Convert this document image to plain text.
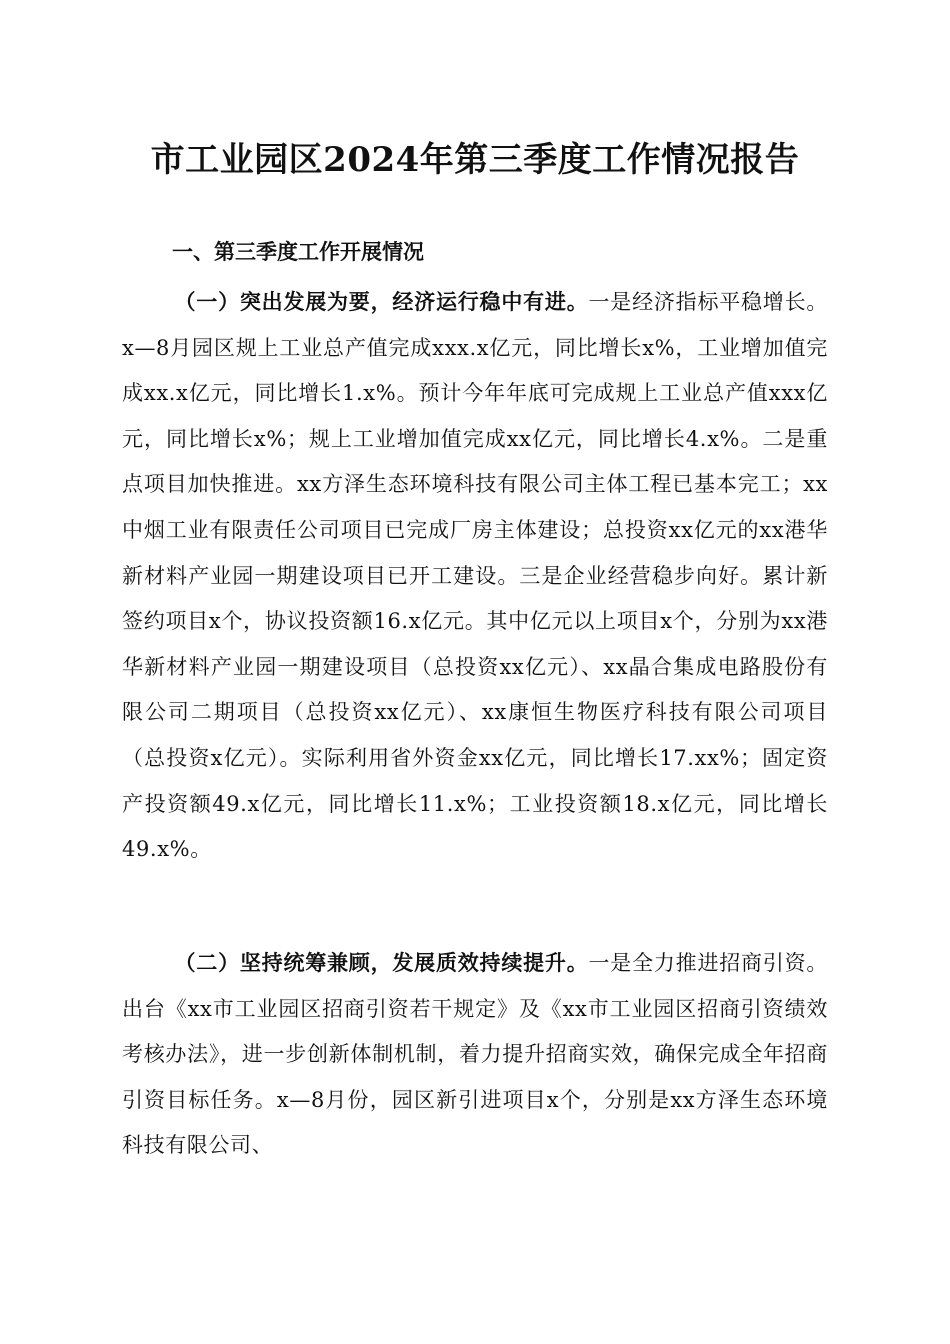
市工业园区2024年第三季度工作情况报告
一、第三季度工作开展情况

（一）突出发展为要，经济运行稳中有进。一是经济指标平稳增长。x—8月园区规上工业总产值完成xxx.x亿元，同比增长x%，工业增加值完成xx.x亿元，同比增长1.x%。预计今年年底可完成规上工业总产值xxx亿元，同比增长x%；规上工业增加值完成xx亿元，同比增长4.x%。二是重点项目加快推进。xx方泽生态环境科技有限公司主体工程已基本完工；xx中烟工业有限责任公司项目已完成厂房主体建设；总投资xx亿元的xx港华新材料产业园一期建设项目已开工建设。三是企业经营稳步向好。累计新签约项目x个，协议投资额16.x亿元。其中亿元以上项目x个，分别为xx港华新材料产业园一期建设项目（总投资xx亿元）、xx晶合集成电路股份有限公司二期项目（总投资xx亿元）、xx康恒生物医疗科技有限公司项目（总投资x亿元）。实际利用省外资金xx亿元，同比增长17.xx%；固定资产投资额49.x亿元，同比增长11.x%；工业投资额18.x亿元，同比增长49.x%。

（二）坚持统筹兼顾，发展质效持续提升。一是全力推进招商引资。出台《xx市工业园区招商引资若干规定》及《xx市工业园区招商引资绩效考核办法》，进一步创新体制机制，着力提升招商实效，确保完成全年招商引资目标任务。x—8月份，园区新引进项目x个，分别是xx方泽生态环境科技有限公司、
